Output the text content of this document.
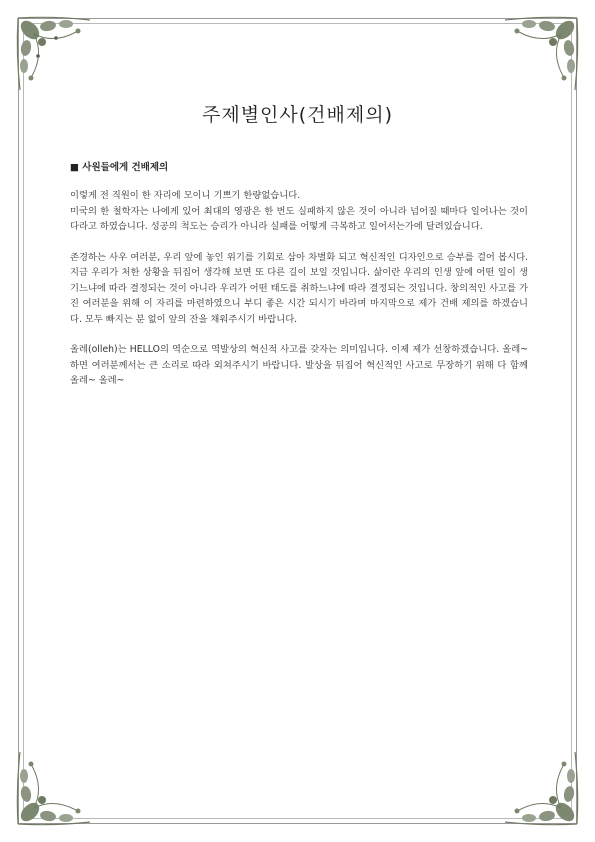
주제별인사(건배제의)
■ 사원들에게 건배제의

이렇게 전 직원이 한 자리에 모이니 기쁘기 한량없습니다.

미국의 한 철학자는 나에게 있어 최대의 영광은 한 번도 실패하지 않은 것이 아니라 넘어질 때마다 일어나는 것이다라고 하였습니다. 성공의 척도는 승리가 아니라 실패를 어떻게 극복하고 일어서는가에 달려있습니다.

존경하는 사우 여러분, 우리 앞에 놓인 위기를 기회로 삼아 차별화 되고 혁신적인 디자인으로 승부를 걸어 봅시다. 지금 우리가 처한 상황을 뒤집어 생각해 보면 또 다른 길이 보일 것입니다. 삶이란 우리의 인생 앞에 어떤 일이 생기느냐에 따라 결정되는 것이 아니라 우리가 어떤 태도를 취하느냐에 따라 결정되는 것입니다. 창의적인 사고를 가진 여러분을 위해 이 자리를 마련하였으니 부디 좋은 시간 되시기 바라며 마지막으로 제가 건배 제의를 하겠습니다. 모두 빠지는 분 없이 앞의 잔을 채워주시기 바랍니다.

올레(olleh)는 HELLO의 역순으로 역발상의 혁신적 사고를 갖자는 의미입니다. 이제 제가 선창하겠습니다. 올레~하면 여러분께서는 큰 소리로 따라 외쳐주시기 바랍니다. 발상을 뒤집어 혁신적인 사고로 무장하기 위해 다 함께 올레~ 올레~
